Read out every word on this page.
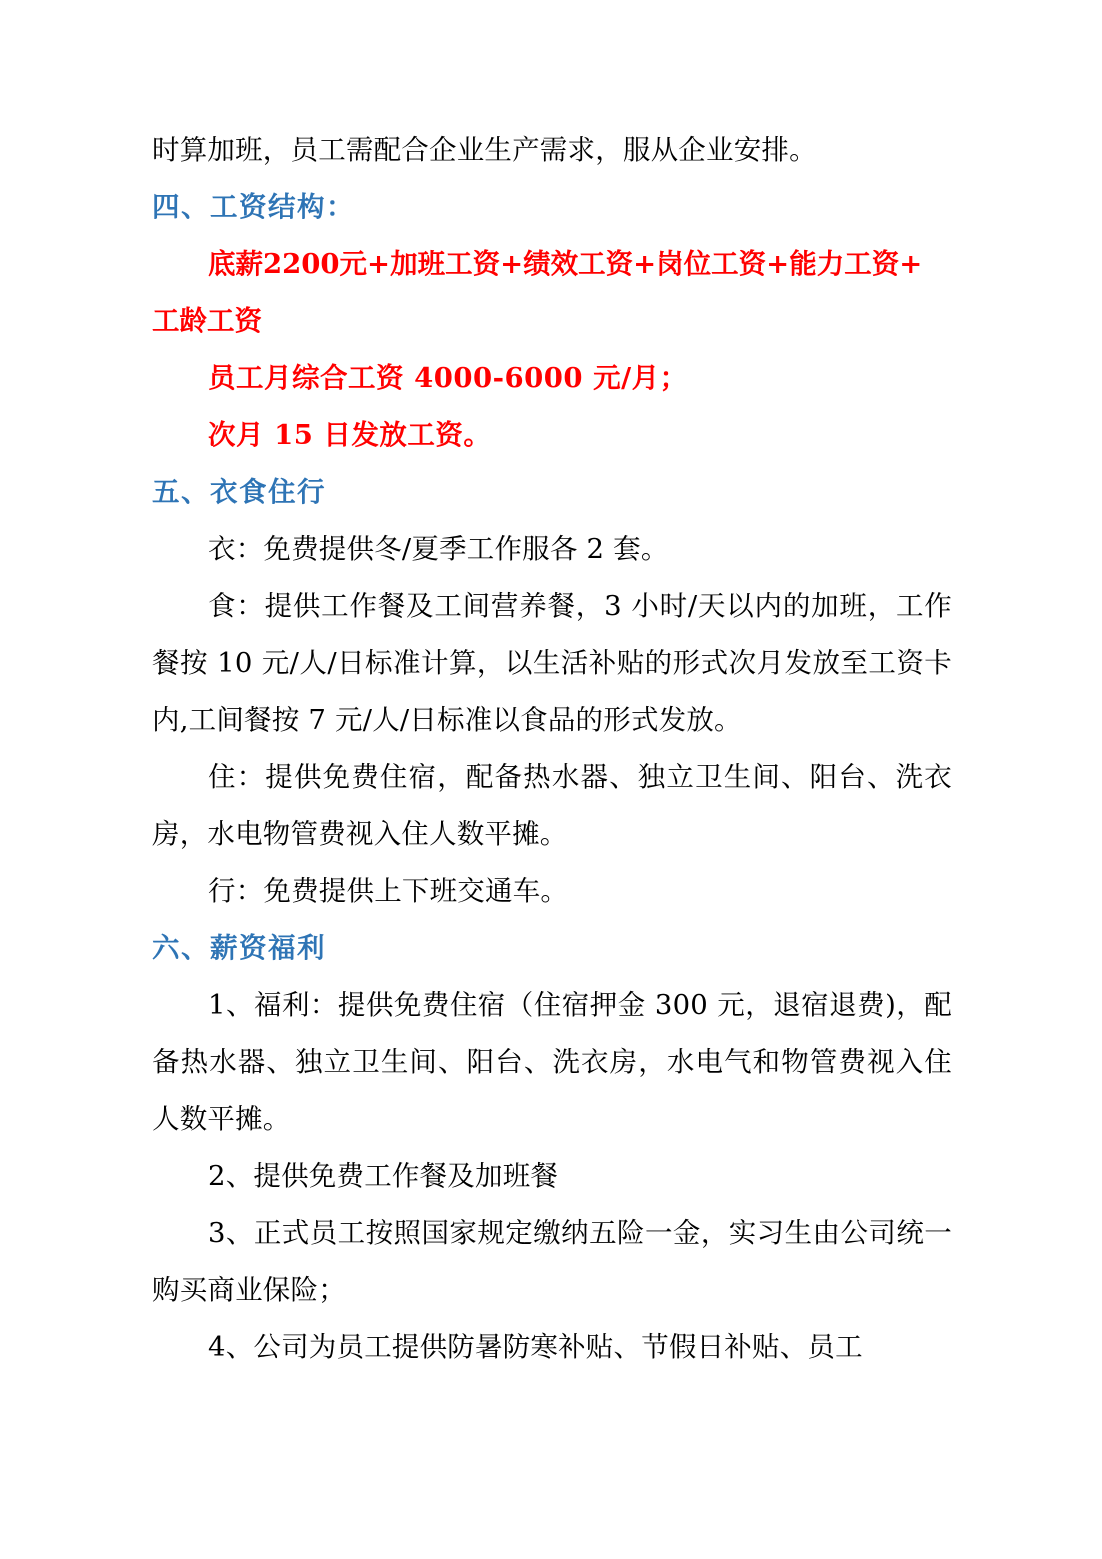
时算加班，员工需配合企业生产需求，服从企业安排。

四、工资结构：

底薪2200元+加班工资+绩效工资+岗位工资+能力工资+

工龄工资

员工月综合工资 4000-6000 元/月；

次月 15 日发放工资。

五、衣食住行

衣：免费提供冬/夏季工作服各 2 套。

食：提供工作餐及工间营养餐，3 小时/天以内的加班，工作餐按 10 元/人/日标准计算，以生活补贴的形式次月发放至工资卡内,工间餐按 7 元/人/日标准以食品的形式发放。

住：提供免费住宿，配备热水器、独立卫生间、阳台、洗衣房，水电物管费视入住人数平摊。

行：免费提供上下班交通车。

六、薪资福利

1、福利：提供免费住宿（住宿押金 300 元，退宿退费)，配备热水器、独立卫生间、阳台、洗衣房，水电气和物管费视入住人数平摊。

2、提供免费工作餐及加班餐

3、正式员工按照国家规定缴纳五险一金，实习生由公司统一购买商业保险；

4、公司为员工提供防暑防寒补贴、节假日补贴、员工
